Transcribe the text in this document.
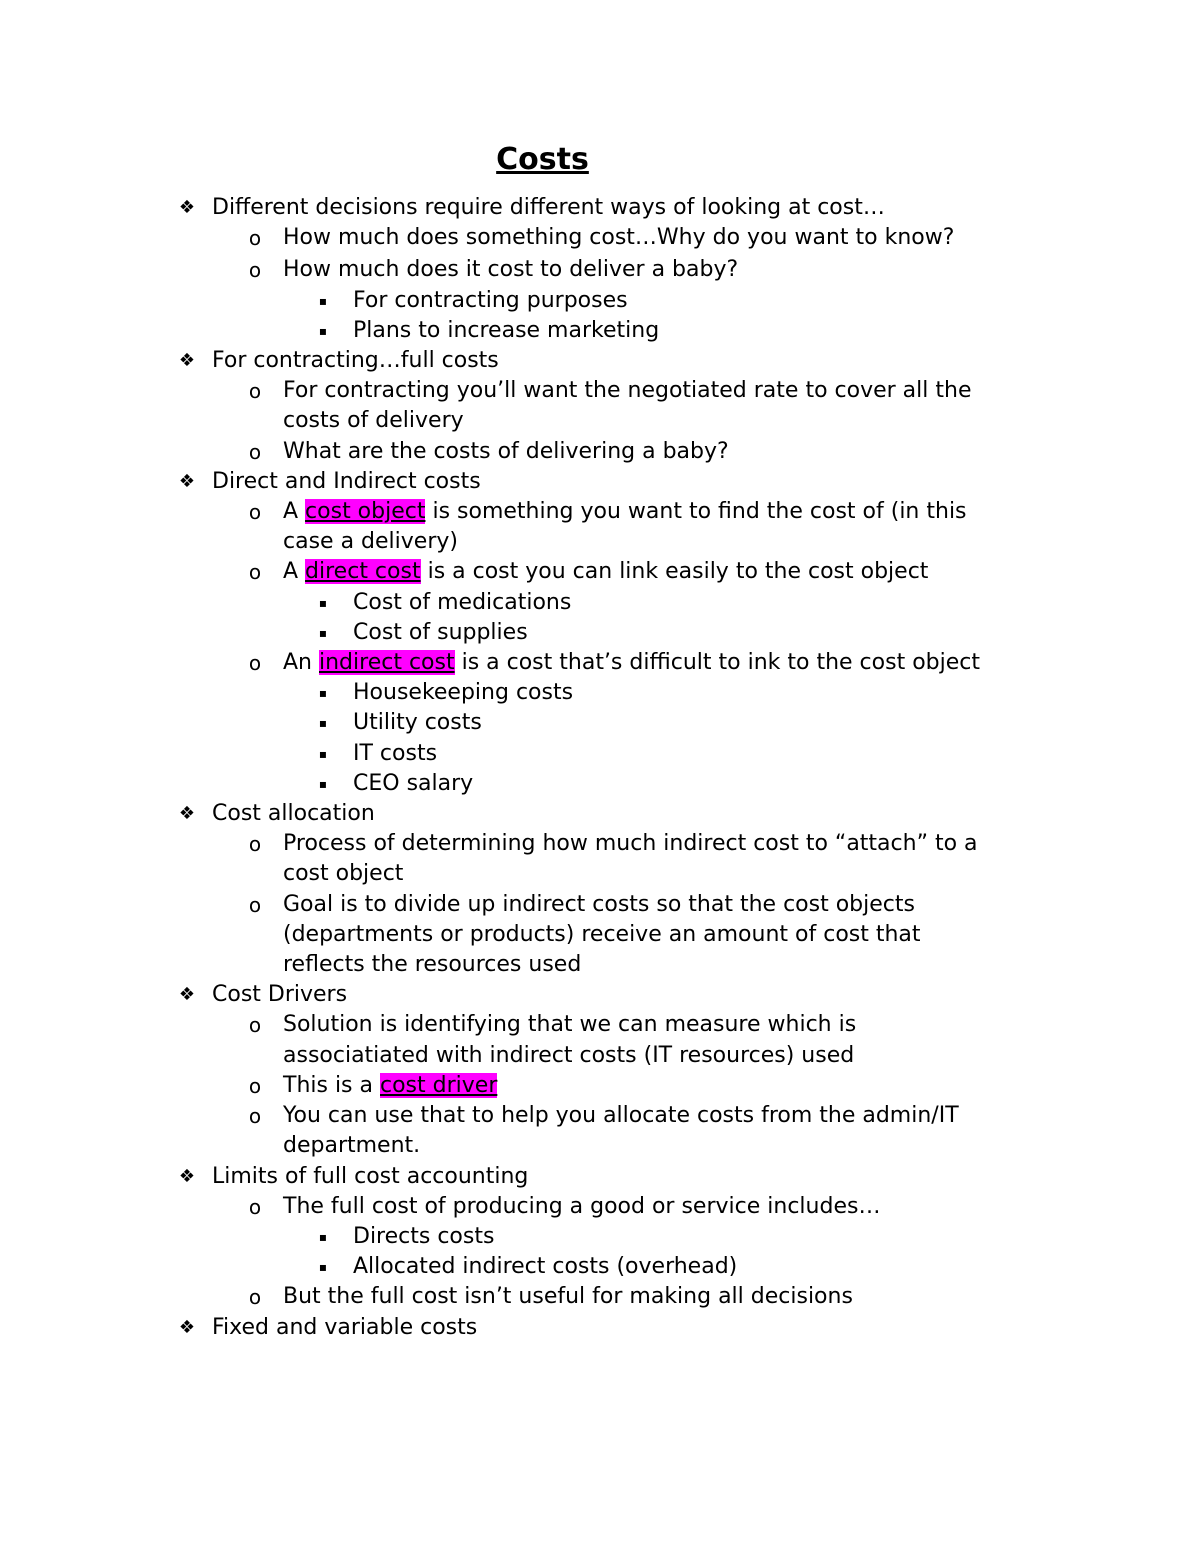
Costs
❖ Different decisions require different ways of looking at cost…
o How much does something cost…Why do you want to know?
o How much does it cost to deliver a baby?
▪ For contracting purposes
▪ Plans to increase marketing
❖ For contracting…full costs
o For contracting you’ll want the negotiated rate to cover all the
costs of delivery
o What are the costs of delivering a baby?
❖ Direct and Indirect costs
o A cost object is something you want to find the cost of (in this
case a delivery)
o A direct cost is a cost you can link easily to the cost object
▪ Cost of medications
▪ Cost of supplies
o An indirect cost is a cost that’s difficult to ink to the cost object
▪ Housekeeping costs
▪ Utility costs
▪ IT costs
▪ CEO salary
❖ Cost allocation
o Process of determining how much indirect cost to “attach” to a
cost object
o Goal is to divide up indirect costs so that the cost objects
(departments or products) receive an amount of cost that
reflects the resources used
❖ Cost Drivers
o Solution is identifying that we can measure which is
associatiated with indirect costs (IT resources) used
o This is a cost driver
o You can use that to help you allocate costs from the admin/IT
department.
❖ Limits of full cost accounting
o The full cost of producing a good or service includes…
▪ Directs costs
▪ Allocated indirect costs (overhead)
o But the full cost isn’t useful for making all decisions
❖ Fixed and variable costs
